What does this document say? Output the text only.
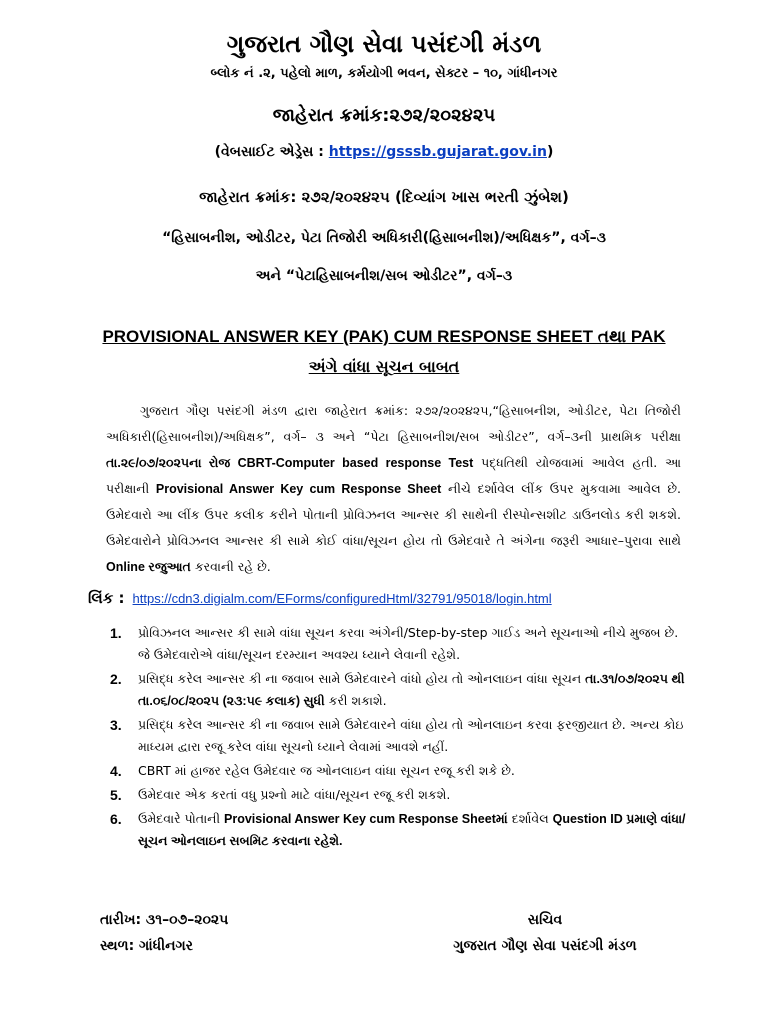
ગુજરાત ગૌણ સેવા પસંદગી મંડળ
બ્લોક નં .૨, પહેલો માળ, કર્મયોગી ભવન, સેક્ટર – ૧૦, ગાંધીનગર
જાહેરાત ક્રમાંક:૨૭૨/૨૦૨૪૨૫
(વેબસાઈટ એડ્રેસ : https://gsssb.gujarat.gov.in)
જાહેરાત ક્રમાંક: ૨૭૨/૨૦૨૪૨૫ (દિવ્યાંગ ખાસ ભરતી ઝુંબેશ)
“હિસાબનીશ, ઓડીટર, પેટા તિજોરી અધિકારી(હિસાબનીશ)/અધિક્ષક”, વર્ગ–૩
અને “પેટાહિસાબનીશ/સબ ઓડીટર”, વર્ગ–૩
PROVISIONAL ANSWER KEY (PAK) CUM RESPONSE SHEET તથા PAK
અંગે વાંધા સૂચન બાબત

ગુજરાત ગૌણ પસંદગી મંડળ દ્વારા જાહેરાત ક્રમાંક: ૨૭૨/૨૦૨૪૨૫,“હિસાબનીશ, ઓડીટર, પેટા તિજોરી અધિકારી(હિસાબનીશ)/અધિક્ષક”, વર્ગ– ૩ અને “પેટા હિસાબનીશ/સબ ઓડીટર”, વર્ગ–૩ની પ્રાથમિક પરીક્ષા તા.૨૯/૦૭/૨૦૨૫ના રોજ CBRT-Computer based response Test પદ્ધતિથી યોજવામાં આવેલ હતી. આ પરીક્ષાની Provisional Answer Key cum Response Sheet નીચે દર્શાવેલ લીંક ઉપર મુકવામા આવેલ છે. ઉમેદવારો આ લીંક ઉપર કલીક કરીને પોતાની પ્રોવિઝનલ આન્સર કી સાથેની રીસ્પોન્સશીટ ડાઉનલોડ કરી શકશે. ઉમેદવારોને પ્રોવિઝનલ આન્સર કી સામે કોઈ વાંધા/સૂચન હોય તો ઉમેદવારે તે અંગેના જરૂરી આધાર–પુરાવા સાથે Online રજુઆત કરવાની રહે છે.

લિંક : https://cdn3.digialm.com/EForms/configuredHtml/32791/95018/login.html
1. પ્રોવિઝનલ આન્સર કી સામે વાંધા સૂચન કરવા અંગેની/Step-by-step ગાઈડ અને સૂચનાઓ નીચે મુજબ છે. જે ઉમેદવારોએ વાંધા/સૂચન દરમ્યાન અવશ્ય ધ્યાને લેવાની રહેશે.
2. પ્રસિદ્ધ કરેલ આન્સર કી ના જવાબ સામે ઉમેદવારને વાંધો હોય તો ઓનલાઇન વાંધા સૂચન તા.૩૧/૦૭/૨૦૨૫ થી તા.૦૬/૦૮/૨૦૨૫ (૨૩:૫૯ કલાક) સુધી કરી શકાશે.
3. પ્રસિદ્ધ કરેલ આન્સર કી ના જવાબ સામે ઉમેદવારને વાંધા હોય તો ઓનલાઇન કરવા ફરજીયાત છે. અન્ય કોઇ માધ્યમ દ્વારા રજૂ કરેલ વાંધા સૂચનો ધ્યાને લેવામાં આવશે નહીં.
4. CBRT માં હાજર રહેલ ઉમેદવાર જ ઓનલાઇન વાંધા સૂચન રજૂ કરી શકે છે.
5. ઉમેદવાર એક કરતાં વધુ પ્રશ્નો માટે વાંધા/સૂચન રજૂ કરી શકશે.
6. ઉમેદવારે પોતાની Provisional Answer Key cum Response Sheetમાં દર્શાવેલ Question ID પ્રમાણે વાંધા/સૂચન ઓનલાઇન સબમિટ કરવાના રહેશે.
તારીખ: ૩૧–૦૭–૨૦૨૫
સ્થળ: ગાંધીનગર
સચિવ
ગુજરાત ગૌણ સેવા પસંદગી મંડળ
